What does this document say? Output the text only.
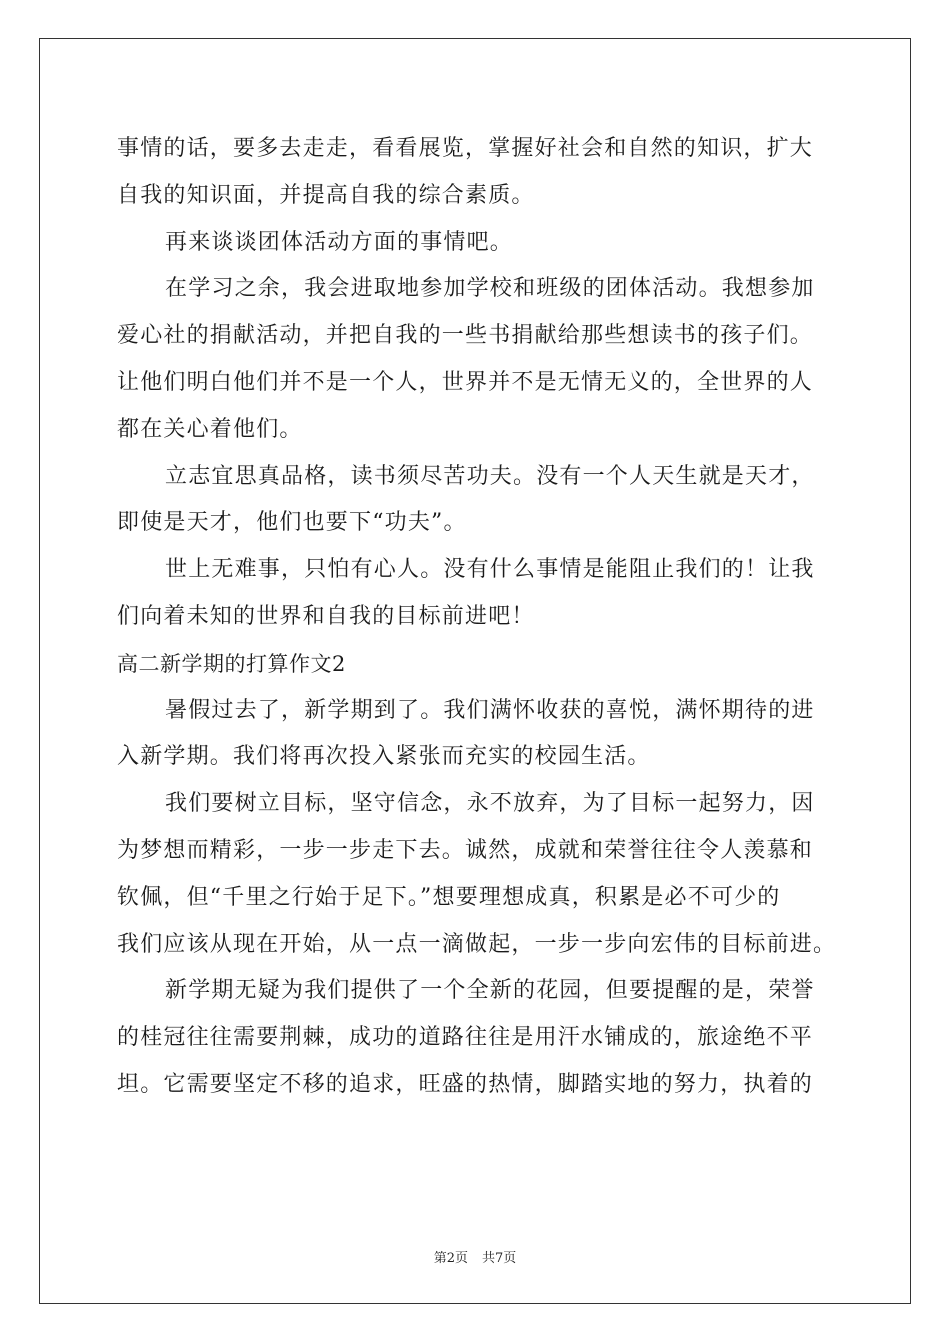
事情的话，要多去走走，看看展览，掌握好社会和自然的知识，扩大
自我的知识面，并提高自我的综合素质。
再来谈谈团体活动方面的事情吧。
在学习之余，我会进取地参加学校和班级的团体活动。我想参加
爱心社的捐献活动，并把自我的一些书捐献给那些想读书的孩子们。
让他们明白他们并不是一个人，世界并不是无情无义的，全世界的人
都在关心着他们。
立志宜思真品格，读书须尽苦功夫。没有一个人天生就是天才，
即使是天才，他们也要下“功夫”。
世上无难事，只怕有心人。没有什么事情是能阻止我们的！让我
们向着未知的世界和自我的目标前进吧！
高二新学期的打算作文2
暑假过去了，新学期到了。我们满怀收获的喜悦，满怀期待的进
入新学期。我们将再次投入紧张而充实的校园生活。
我们要树立目标，坚守信念，永不放弃，为了目标一起努力，因
为梦想而精彩，一步一步走下去。诚然，成就和荣誉往往令人羡慕和
钦佩，但“千里之行始于足下。”想要理想成真，积累是必不可少的
我们应该从现在开始，从一点一滴做起，一步一步向宏伟的目标前进。
新学期无疑为我们提供了一个全新的花园，但要提醒的是，荣誉
的桂冠往往需要荆棘，成功的道路往往是用汗水铺成的，旅途绝不平
坦。它需要坚定不移的追求，旺盛的热情，脚踏实地的努力，执着的
第2页 共7页
